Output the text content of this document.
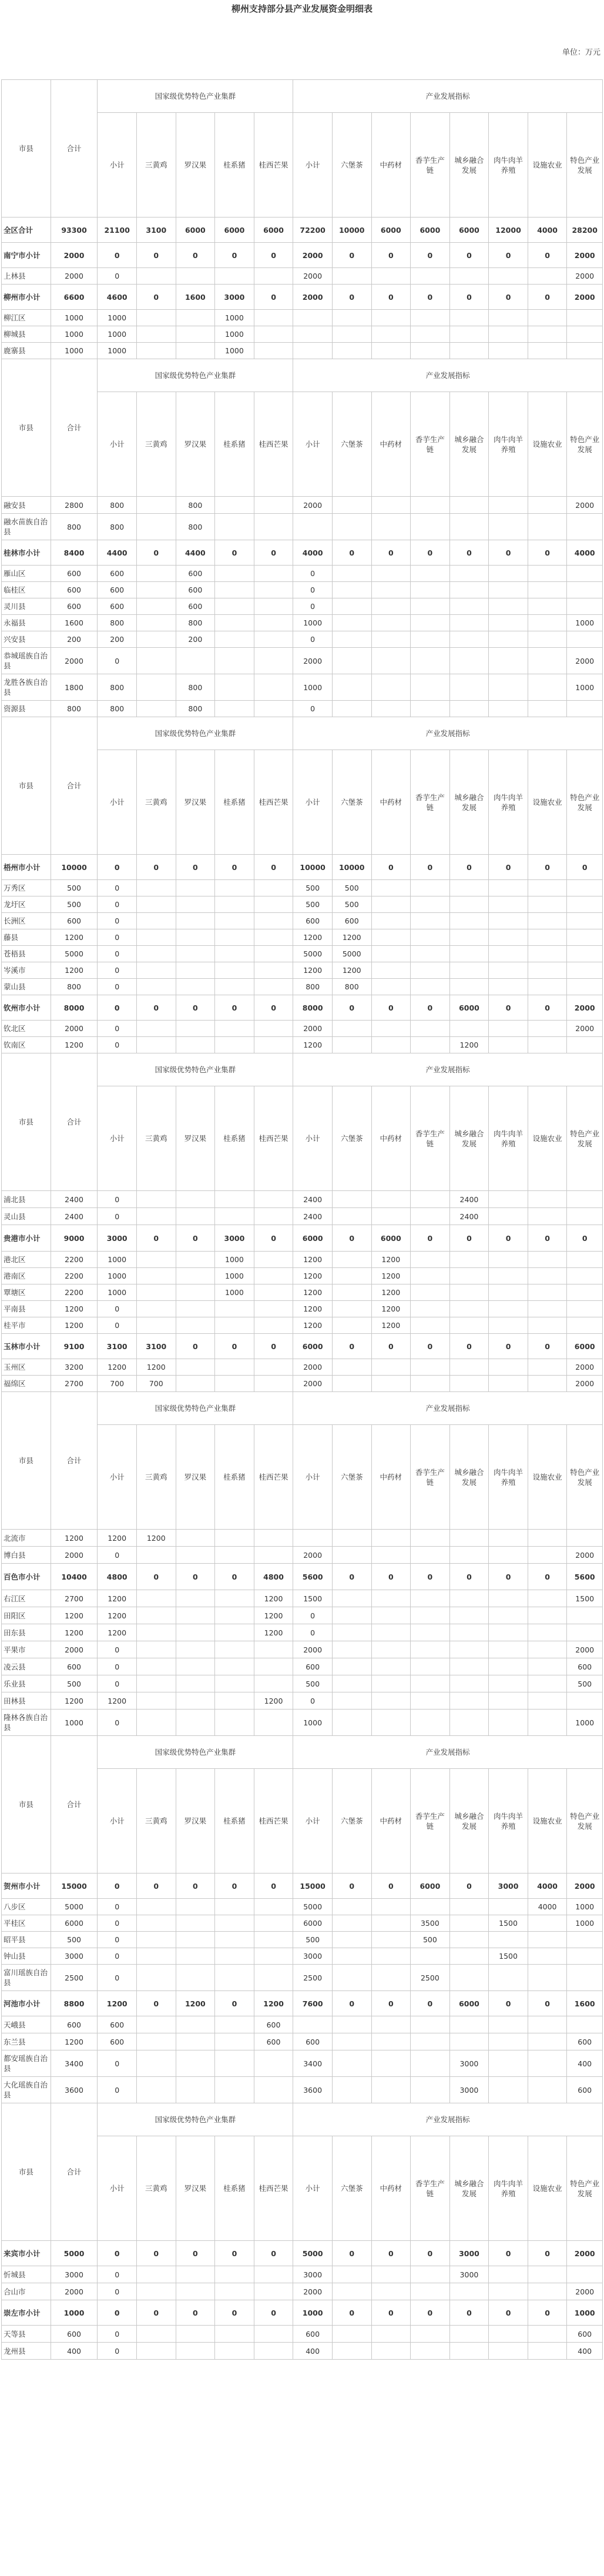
柳州支持部分县产业发展资金明细表
单位：万元
市县	合计	国家级优势特色产业集群					产业发展指标							
		小计	三黄鸡	罗汉果	桂系猪	桂西芒果	小计	六堡茶	中药材	香芋生产链	城乡融合发展	肉牛肉羊养殖	设施农业	特色产业发展
全区合计	93300	21100	3100	6000	6000	6000	72200	10000	6000	6000	6000	12000	4000	28200
南宁市小计	2000	0	0	0	0	0	2000	0	0	0	0	0	0	2000
上林县	2000	0					2000							2000
柳州市小计	6600	4600	0	1600	3000	0	2000	0	0	0	0	0	0	2000
柳江区	1000	1000			1000									
柳城县	1000	1000			1000									
鹿寨县	1000	1000			1000									
市县	合计	国家级优势特色产业集群					产业发展指标							
		小计	三黄鸡	罗汉果	桂系猪	桂西芒果	小计	六堡茶	中药材	香芋生产链	城乡融合发展	肉牛肉羊养殖	设施农业	特色产业发展
融安县	2800	800		800			2000							2000
融水苗族自治县	800	800		800										
桂林市小计	8400	4400	0	4400	0	0	4000	0	0	0	0	0	0	4000
雁山区	600	600		600			0							
临桂区	600	600		600			0							
灵川县	600	600		600			0							
永福县	1600	800		800			1000							1000
兴安县	200	200		200			0							
恭城瑶族自治县	2000	0					2000							2000
龙胜各族自治县	1800	800		800			1000							1000
资源县	800	800		800			0							
市县	合计	国家级优势特色产业集群					产业发展指标							
		小计	三黄鸡	罗汉果	桂系猪	桂西芒果	小计	六堡茶	中药材	香芋生产链	城乡融合发展	肉牛肉羊养殖	设施农业	特色产业发展
梧州市小计	10000	0	0	0	0	0	10000	10000	0	0	0	0	0	0
万秀区	500	0					500	500						
龙圩区	500	0					500	500						
长洲区	600	0					600	600						
藤县	1200	0					1200	1200						
苍梧县	5000	0					5000	5000						
岑溪市	1200	0					1200	1200						
蒙山县	800	0					800	800						
钦州市小计	8000	0	0	0	0	0	8000	0	0	0	6000	0	0	2000
钦北区	2000	0					2000							2000
钦南区	1200	0					1200				1200			
市县	合计	国家级优势特色产业集群					产业发展指标							
		小计	三黄鸡	罗汉果	桂系猪	桂西芒果	小计	六堡茶	中药材	香芋生产链	城乡融合发展	肉牛肉羊养殖	设施农业	特色产业发展
浦北县	2400	0					2400				2400			
灵山县	2400	0					2400				2400			
贵港市小计	9000	3000	0	0	3000	0	6000	0	6000	0	0	0	0	0
港北区	2200	1000			1000		1200		1200					
港南区	2200	1000			1000		1200		1200					
覃塘区	2200	1000			1000		1200		1200					
平南县	1200	0					1200		1200					
桂平市	1200	0					1200		1200					
玉林市小计	9100	3100	3100	0	0	0	6000	0	0	0	0	0	0	6000
玉州区	3200	1200	1200				2000							2000
福绵区	2700	700	700				2000							2000
市县	合计	国家级优势特色产业集群					产业发展指标							
		小计	三黄鸡	罗汉果	桂系猪	桂西芒果	小计	六堡茶	中药材	香芋生产链	城乡融合发展	肉牛肉羊养殖	设施农业	特色产业发展
北流市	1200	1200	1200											
博白县	2000	0					2000							2000
百色市小计	10400	4800	0	0	0	4800	5600	0	0	0	0	0	0	5600
右江区	2700	1200				1200	1500							1500
田阳区	1200	1200				1200	0							
田东县	1200	1200				1200	0							
平果市	2000	0					2000							2000
凌云县	600	0					600							600
乐业县	500	0					500							500
田林县	1200	1200				1200	0							
隆林各族自治县	1000	0					1000							1000
市县	合计	国家级优势特色产业集群					产业发展指标							
		小计	三黄鸡	罗汉果	桂系猪	桂西芒果	小计	六堡茶	中药材	香芋生产链	城乡融合发展	肉牛肉羊养殖	设施农业	特色产业发展
贺州市小计	15000	0	0	0	0	0	15000	0	0	6000	0	3000	4000	2000
八步区	5000	0					5000						4000	1000
平桂区	6000	0					6000			3500		1500		1000
昭平县	500	0					500			500				
钟山县	3000	0					3000					1500		
富川瑶族自治县	2500	0					2500			2500				
河池市小计	8800	1200	0	1200	0	1200	7600	0	0	0	6000	0	0	1600
天峨县	600	600				600								
东兰县	1200	600				600	600							600
都安瑶族自治县	3400	0					3400				3000			400
大化瑶族自治县	3600	0					3600				3000			600
市县	合计	国家级优势特色产业集群					产业发展指标							
		小计	三黄鸡	罗汉果	桂系猪	桂西芒果	小计	六堡茶	中药材	香芋生产链	城乡融合发展	肉牛肉羊养殖	设施农业	特色产业发展
来宾市小计	5000	0	0	0	0	0	5000	0	0	0	3000	0	0	2000
忻城县	3000	0					3000				3000			
合山市	2000	0					2000							2000
崇左市小计	1000	0	0	0	0	0	1000	0	0	0	0	0	0	1000
天等县	600	0					600							600
龙州县	400	0					400							400
